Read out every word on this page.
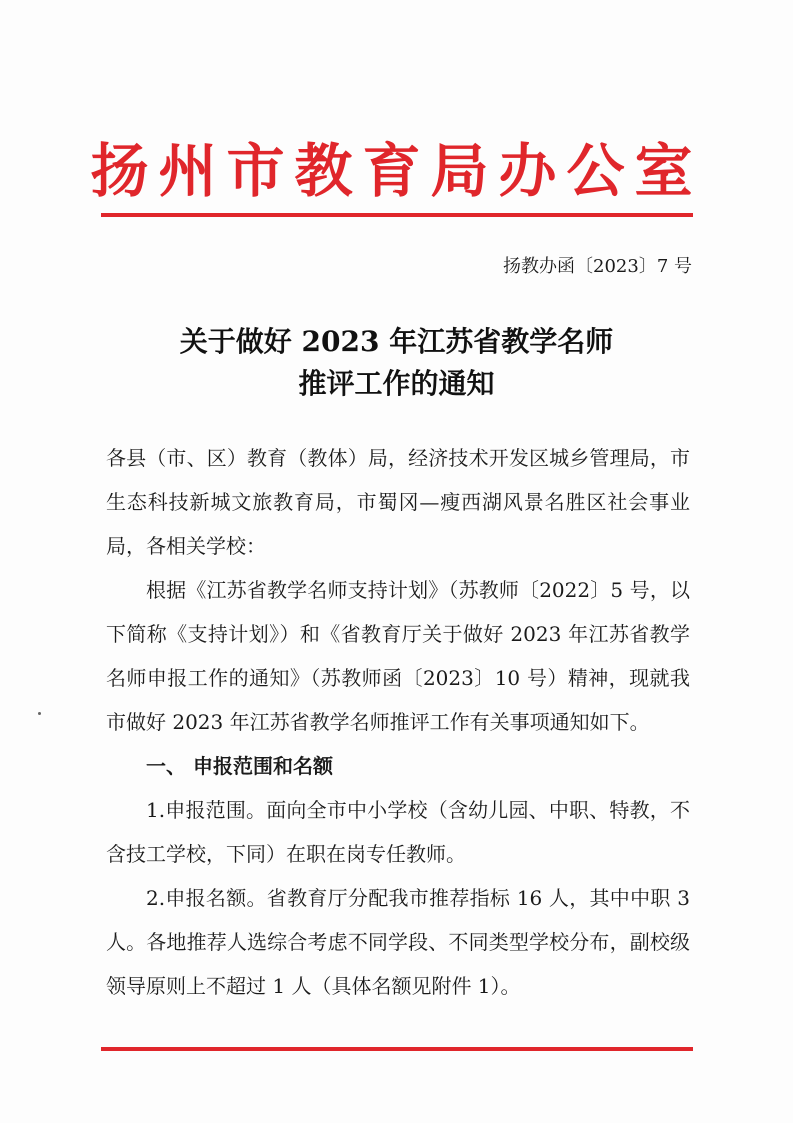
扬州市教育局办公室
扬教办函〔2023〕7 号
关于做好 2023 年江苏省教学名师
推评工作的通知

各县（市、区）教育（教体）局，经济技术开发区城乡管理局，市生态科技新城文旅教育局，市蜀冈—瘦西湖风景名胜区社会事业局，各相关学校：

根据《江苏省教学名师支持计划》（苏教师〔2022〕5 号，以下简称《支持计划》）和《省教育厅关于做好 2023 年江苏省教学名师申报工作的通知》（苏教师函〔2023〕10 号）精神，现就我市做好 2023 年江苏省教学名师推评工作有关事项通知如下。

一、 申报范围和名额

1.申报范围。面向全市中小学校（含幼儿园、中职、特教，不含技工学校，下同）在职在岗专任教师。

2.申报名额。省教育厅分配我市推荐指标 16 人，其中中职 3 人。各地推荐人选综合考虑不同学段、不同类型学校分布，副校级领导原则上不超过 1 人（具体名额见附件 1）。
